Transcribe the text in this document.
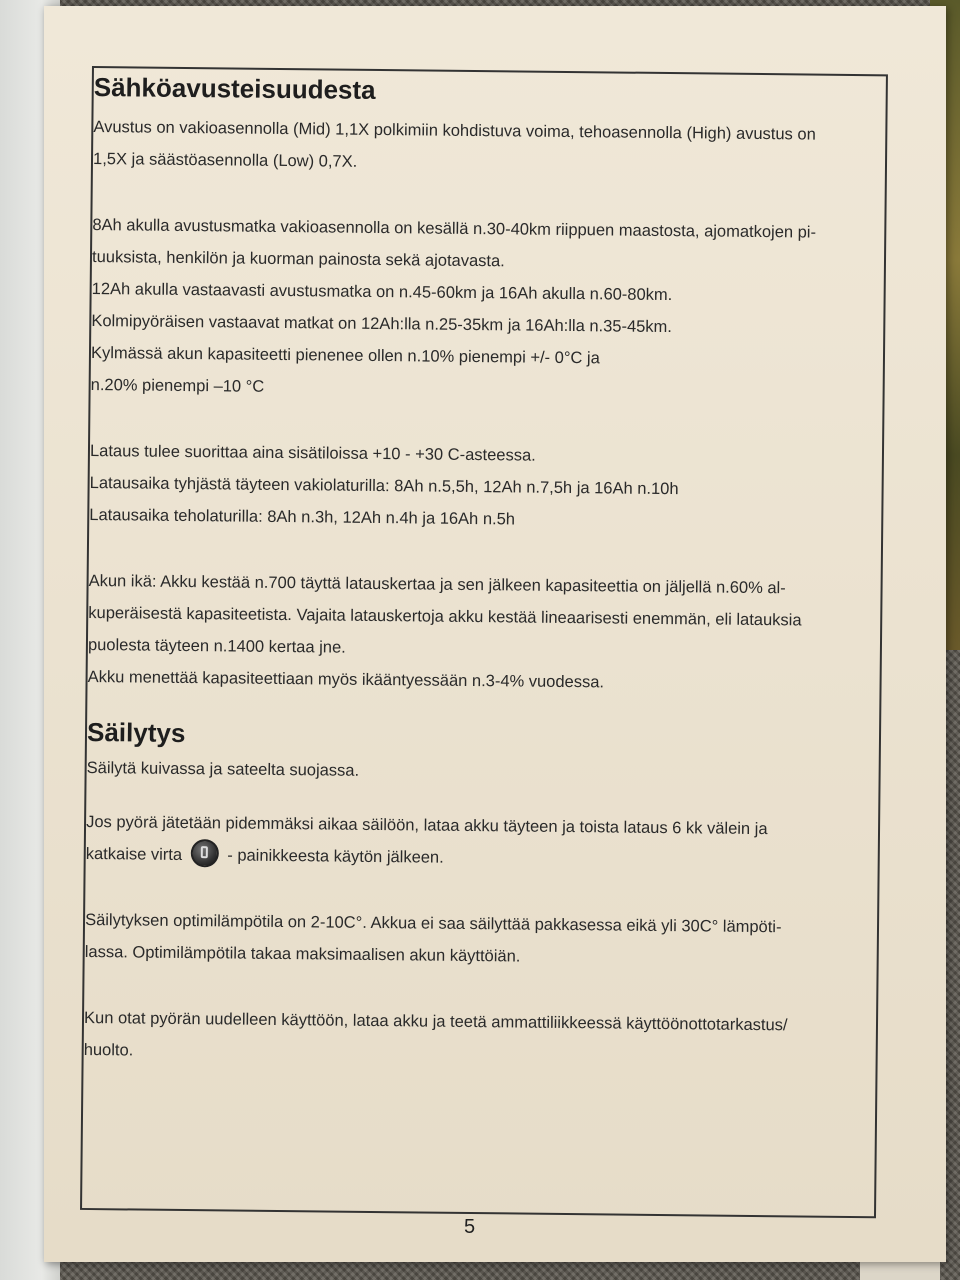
Sähköavusteisuudesta

Avustus on vakioasennolla (Mid) 1,1X polkimiin kohdistuva voima, tehoasennolla (High) avustus on

1,5X ja säästöasennolla (Low) 0,7X.

8Ah akulla avustusmatka vakioasennolla on kesällä n.30-40km riippuen maastosta, ajomatkojen pi-

tuuksista, henkilön ja kuorman painosta sekä ajotavasta.

12Ah akulla vastaavasti avustusmatka on n.45-60km ja 16Ah akulla n.60-80km.

Kolmipyöräisen vastaavat matkat on 12Ah:lla n.25-35km ja 16Ah:lla n.35-45km.

Kylmässä akun kapasiteetti pienenee ollen n.10% pienempi +/- 0°C ja

n.20% pienempi –10 °C

Lataus tulee suorittaa aina sisätiloissa +10 - +30 C-asteessa.

Latausaika tyhjästä täyteen vakiolaturilla: 8Ah n.5,5h, 12Ah n.7,5h ja 16Ah n.10h

Latausaika teholaturilla: 8Ah n.3h, 12Ah n.4h ja 16Ah n.5h

Akun ikä: Akku kestää n.700 täyttä latauskertaa ja sen jälkeen kapasiteettia on jäljellä n.60% al-

kuperäisestä kapasiteetista. Vajaita latauskertoja akku kestää lineaarisesti enemmän, eli latauksia

puolesta täyteen n.1400 kertaa jne.

Akku menettää kapasiteettiaan myös ikääntyessään n.3-4% vuodessa.

Säilytys

Säilytä kuivassa ja sateelta suojassa.

Jos pyörä jätetään pidemmäksi aikaa säilöön, lataa akku täyteen ja toista lataus 6 kk välein ja

katkaise virta	- painikkeesta käytön jälkeen.

Säilytyksen optimilämpötila on 2-10C°. Akkua ei saa säilyttää pakkasessa eikä yli 30C° lämpöti-

lassa. Optimilämpötila takaa maksimaalisen akun käyttöiän.

Kun otat pyörän uudelleen käyttöön, lataa akku ja teetä ammattiliikkeessä käyttöönottotarkastus/

huolto.

5
